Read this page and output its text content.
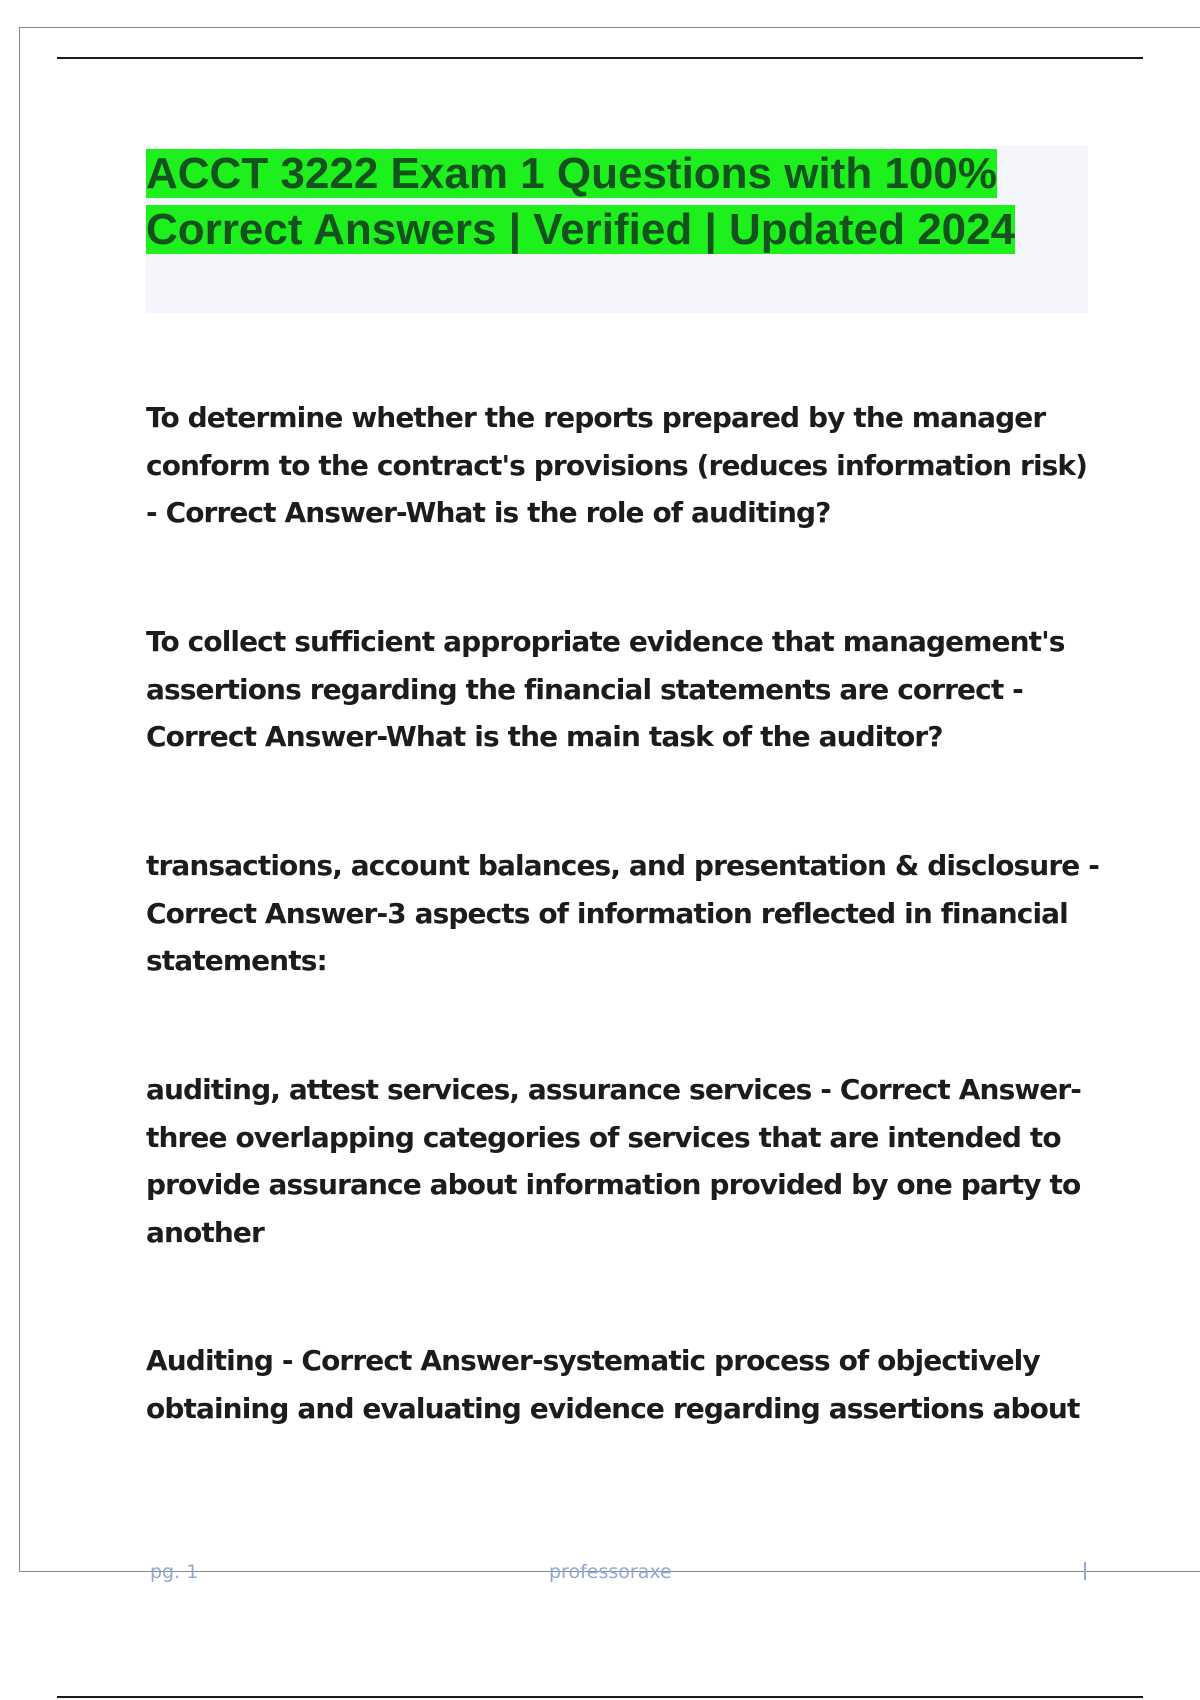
ACCT 3222 Exam 1 Questions with 100% Correct Answers | Verified | Updated 2024

To determine whether the reports prepared by the manager conform to the contract's provisions (reduces information risk) - Correct Answer-What is the role of auditing?

To collect sufficient appropriate evidence that management's assertions regarding the financial statements are correct - Correct Answer-What is the main task of the auditor?

transactions, account balances, and presentation & disclosure - Correct Answer-3 aspects of information reflected in financial statements:

auditing, attest services, assurance services - Correct Answer-three overlapping categories of services that are intended to provide assurance about information provided by one party to another

Auditing - Correct Answer-systematic process of objectively obtaining and evaluating evidence regarding assertions about

pg. 1	professoraxe
